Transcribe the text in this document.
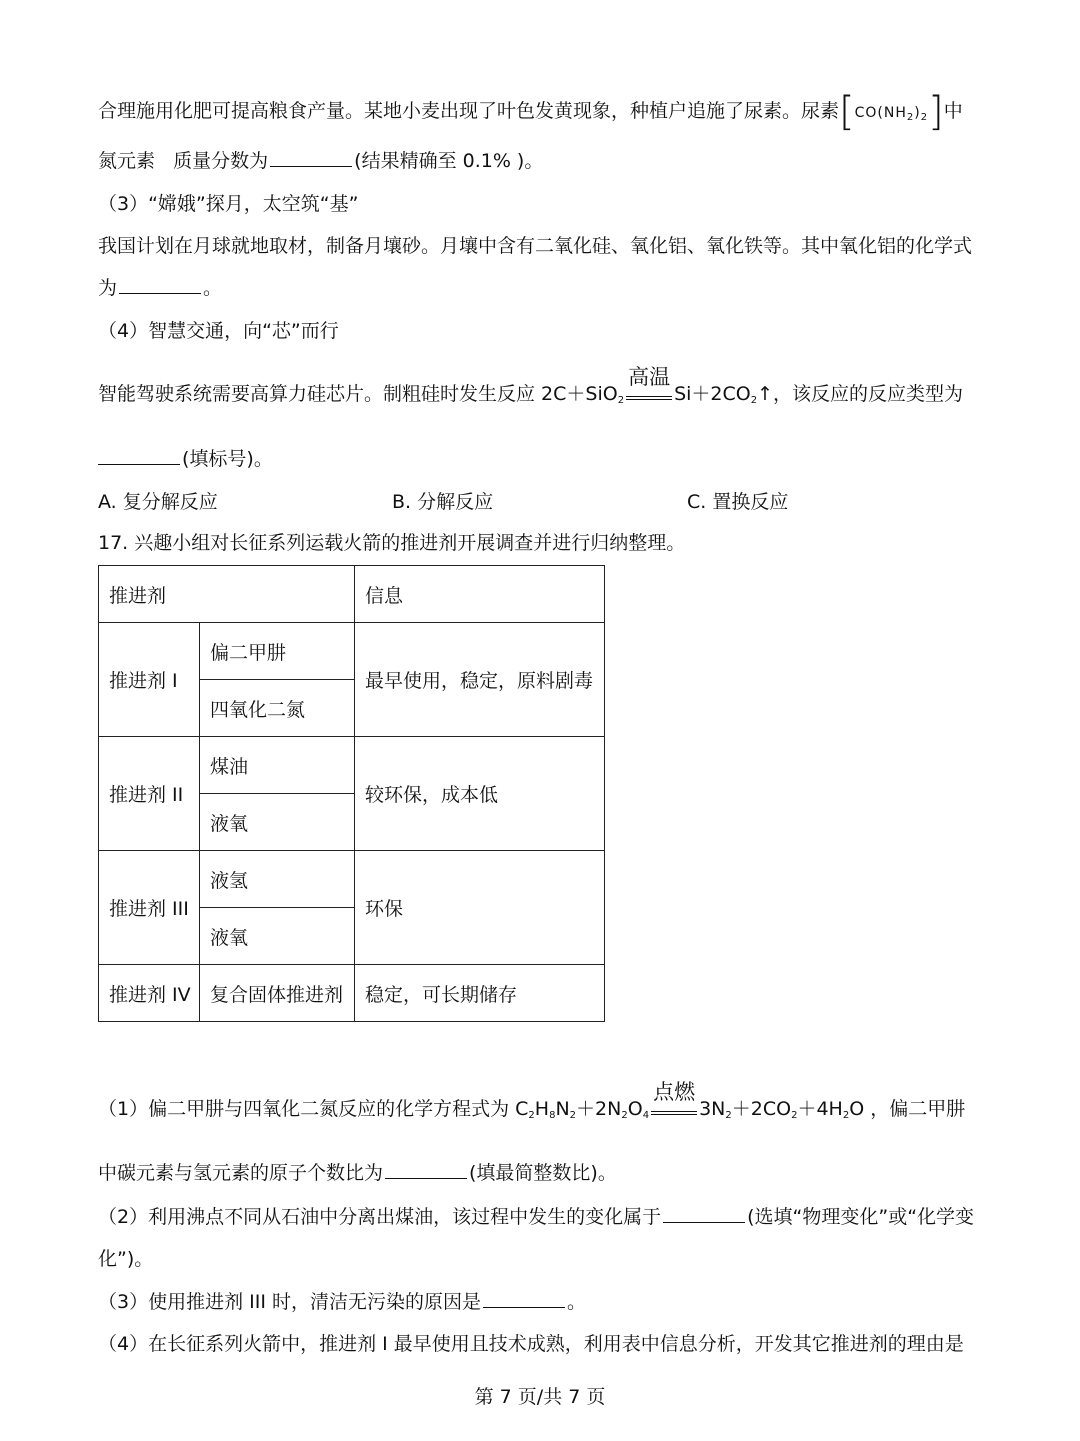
合理施用化肥可提高粮食产量。某地小麦出现了叶色发黄现象，种植户追施了尿素。尿素$[CO(NH_2)_2]$中
氮元素 质量分数为	(结果精确至 0.1% )。
（3）“嫦娥”探月，太空筑“基”
我国计划在月球就地取材，制备月壤砂。月壤中含有二氧化硅、氧化铝、氧化铁等。其中氧化铝的化学式
为	。
（4）智慧交通，向“芯”而行
智能驾驶系统需要高算力硅芯片。制粗硅时发生反应 2C＋SiO$_2$
高温
$Si+2CO_2↑$，该反应的反应类型为
(填标号)。
A. 复分解反应	B. 分解反应	C. 置换反应
17. 兴趣小组对长征系列运载火箭的推进剂开展调查并进行归纳整理。
推进剂		信息
推进剂 I	偏二甲肼	最早使用，稳定，原料剧毒
	四氧化二氮	
推进剂 II	煤油	较环保，成本低
	液氧	
推进剂 III	液氢	环保
	液氧	
推进剂 IV	复合固体推进剂	稳定，可长期储存
（1）偏二甲肼与四氧化二氮反应的化学方程式为 $C_2H_8N_2+2N_2O_4$
点燃
$3N_2+2CO_2+4H_2O$ ，偏二甲肼
中碳元素与氢元素的原子个数比为	(填最简整数比)。
（2）利用沸点不同从石油中分离出煤油，该过程中发生的变化属于	(选填“物理变化”或“化学变
化”)。
（3）使用推进剂 III 时，清洁无污染的原因是	。
（4）在长征系列火箭中，推进剂 I 最早使用且技术成熟，利用表中信息分析，开发其它推进剂的理由是
第 7 页/共 7 页
